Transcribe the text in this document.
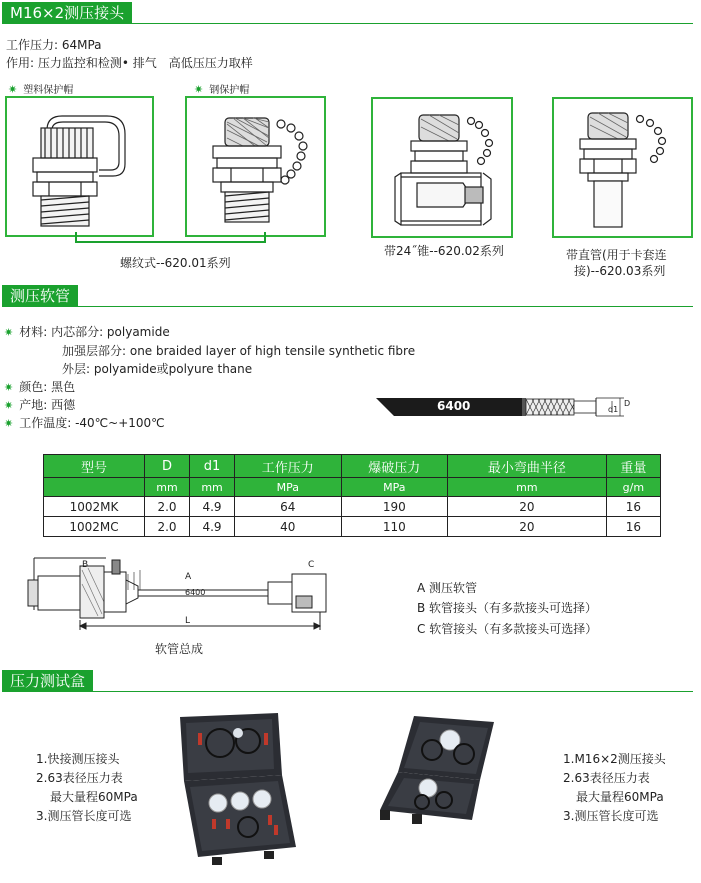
M16×2测压接头
工作压力: 64MPa
作用: 压力监控和检测• 排气　高低压压力取样
✷ 塑料保护帽	✷ 钢保护帽
螺纹式--620.01系列
带24˝锥--620.02系列	带直管(用于卡套连
接)--620.03系列
测压软管
✷ 材料: 内芯部分: polyamide
加强层部分: one braided layer of high tensile synthetic fibre
外层: polyamide或polyure thane
✷ 颜色: 黑色
✷ 产地: 西德
✷ 工作温度: -40℃~+100℃
6400	D
d1
型号	D	d1	工作压力	爆破压力	最小弯曲半径	重量
	mm	mm	MPa	MPa	mm	g/m
1002MK	2.0	4.9	64	190	20	16
1002MC	2.0	4.9	40	110	20	16
B
A
C
6400
L
软管总成
A 测压软管
B 软管接头（有多款接头可选择）
C 软管接头（有多款接头可选择）
压力测试盒
1.快接测压接头
2.63表径压力表
最大量程60MPa
3.测压管长度可选
1.M16×2测压接头
2.63表径压力表
最大量程60MPa
3.测压管长度可选
